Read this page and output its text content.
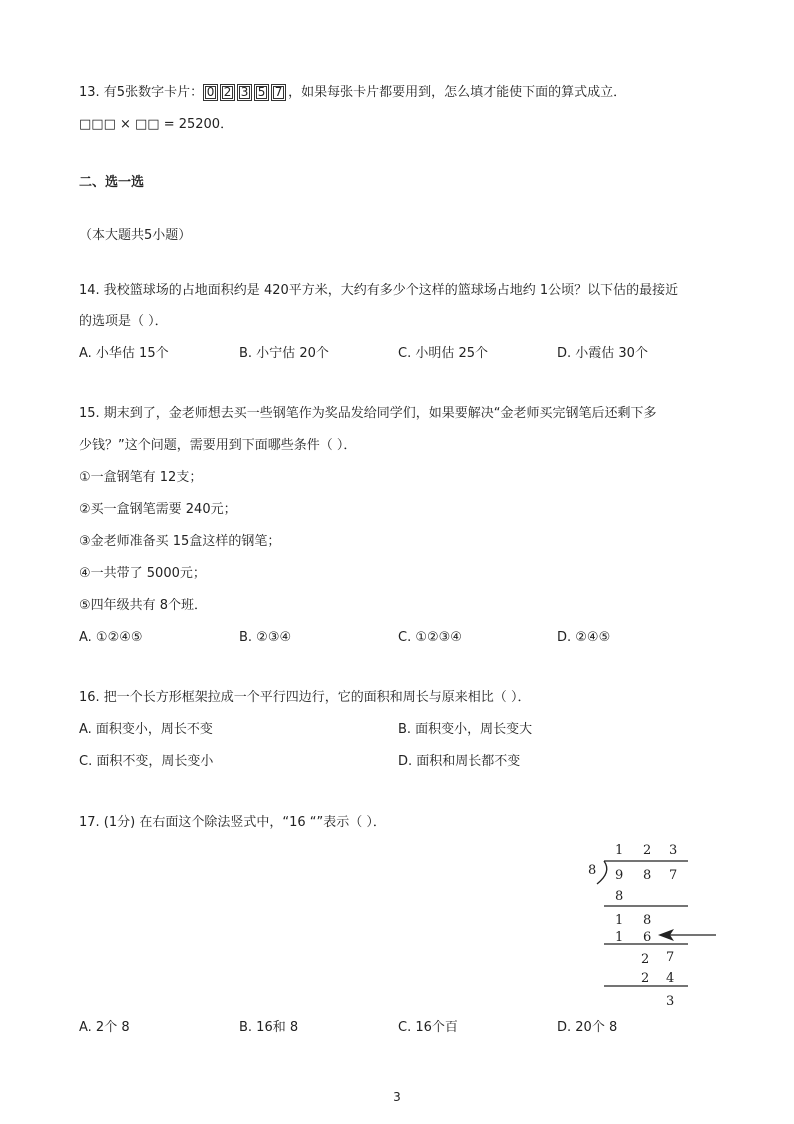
13. 有5张数字卡片： 0 2 3 5 7 ，如果每张卡片都要用到，怎么填才能使下面的算式成立．
□□□ × □□ = 25200．
二、选一选
（本大题共5小题）
14. 我校篮球场的占地面积约是 420平方米，大约有多少个这样的篮球场占地约 1公顷？以下估的最接近
的选项是（ ）．
A. 小华估 15个	B. 小宁估 20个	C. 小明估 25个	D. 小霞估 30个
15. 期末到了，金老师想去买一些钢笔作为奖品发给同学们，如果要解决“金老师买完钢笔后还剩下多
少钱？”这个问题，需要用到下面哪些条件（ ）．
①一盒钢笔有 12支；
②买一盒钢笔需要 240元；
③金老师准备买 15盒这样的钢笔；
④一共带了 5000元；
⑤四年级共有 8个班．
A. ①②④⑤	B. ②③④	C. ①②③④	D. ②④⑤
16. 把一个长方形框架拉成一个平行四边行，它的面积和周长与原来相比（ ）．
A. 面积变小，周长不变	B. 面积变小，周长变大
C. 面积不变，周长变小	D. 面积和周长都不变
17. (1分) 在右面这个除法竖式中，“16 “”表示（ ）．
1 2 3
8 9 8 7
8
1 8
1 6
2 7
2 4
3
A. 2个 8	B. 16和 8	C. 16个百	D. 20个 8
3
